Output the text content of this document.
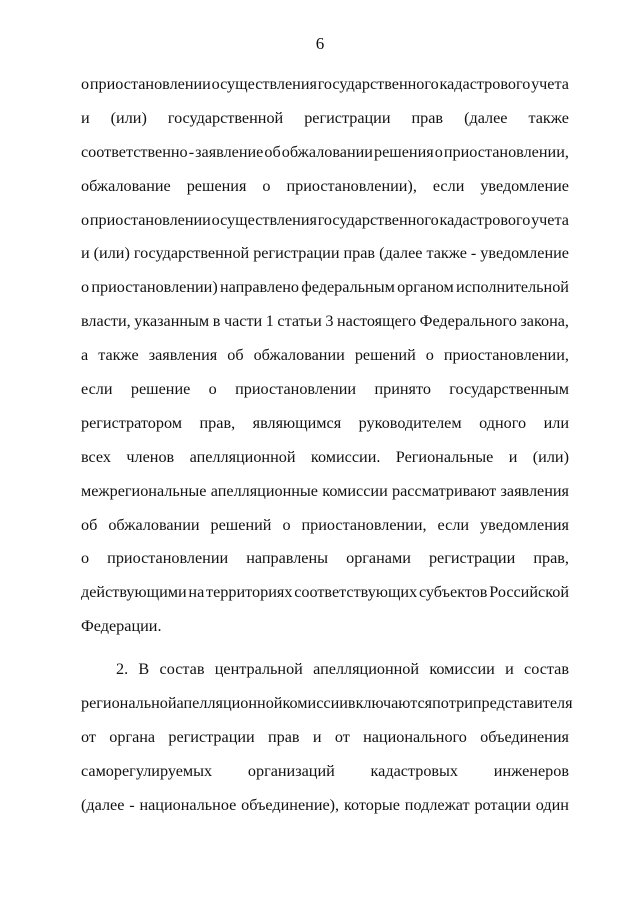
6
о приостановлении осуществления государственного кадастрового учета
и (или) государственной регистрации прав (далее также
соответственно - заявление об обжаловании решения о приостановлении,
обжалование решения о приостановлении), если уведомление
о приостановлении осуществления государственного кадастрового учета
и (или) государственной регистрации прав (далее также - уведомление
о приостановлении) направлено федеральным органом исполнительной
власти, указанным в части 1 статьи 3 настоящего Федерального закона,
а также заявления об обжаловании решений о приостановлении,
если решение о приостановлении принято государственным
регистратором прав, являющимся руководителем одного или
всех членов апелляционной комиссии. Региональные и (или)
межрегиональные апелляционные комиссии рассматривают заявления
об обжаловании решений о приостановлении, если уведомления
о приостановлении направлены органами регистрации прав,
действующими на территориях соответствующих субъектов Российской
Федерации.
2. В состав центральной апелляционной комиссии и состав
региональной апелляционной комиссии включаются по три представителя
от органа регистрации прав и от национального объединения
саморегулируемых организаций кадастровых инженеров
(далее - национальное объединение), которые подлежат ротации один
